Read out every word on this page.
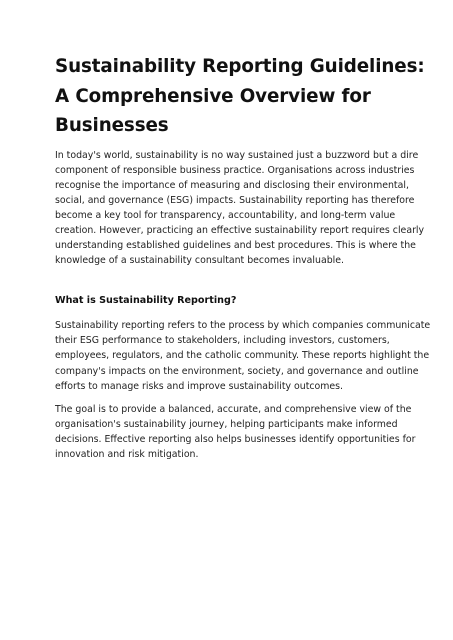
Sustainability Reporting Guidelines:
A Comprehensive Overview for
Businesses

In today's world, sustainability is no way sustained just a buzzword but a dire
component of responsible business practice. Organisations across industries
recognise the importance of measuring and disclosing their environmental,
social, and governance (ESG) impacts. Sustainability reporting has therefore
become a key tool for transparency, accountability, and long-term value
creation. However, practicing an effective sustainability report requires clearly
understanding established guidelines and best procedures. This is where the
knowledge of a sustainability consultant becomes invaluable.

What is Sustainability Reporting?

Sustainability reporting refers to the process by which companies communicate
their ESG performance to stakeholders, including investors, customers,
employees, regulators, and the catholic community. These reports highlight the
company's impacts on the environment, society, and governance and outline
efforts to manage risks and improve sustainability outcomes.

The goal is to provide a balanced, accurate, and comprehensive view of the
organisation's sustainability journey, helping participants make informed
decisions. Effective reporting also helps businesses identify opportunities for
innovation and risk mitigation.
